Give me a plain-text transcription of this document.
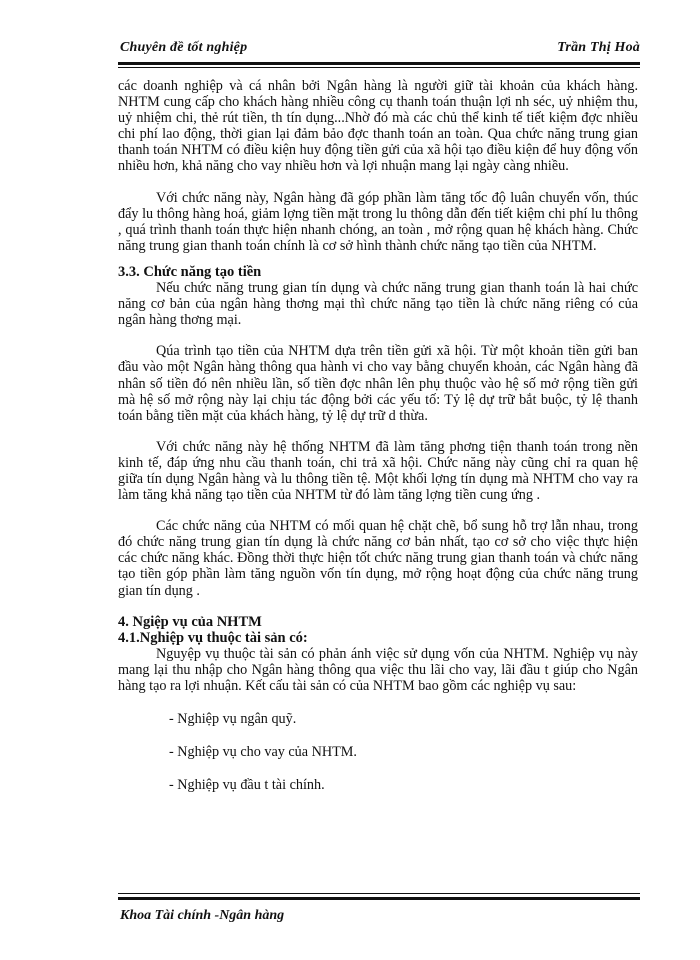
Chuyên đề tốt nghiệp	Trần Thị Hoà

các doanh nghiệp và cá nhân bởi Ngân hàng là người giữ tài khoản của khách hàng. NHTM cung cấp cho khách hàng nhiều công cụ thanh toán thuận lợi nh séc, uỷ nhiệm thu, uỷ nhiệm chi, thẻ rút tiền, th tín dụng...Nhờ đó mà các chủ thể kinh tế tiết kiệm đợc nhiều chi phí lao động, thời gian lại đảm bảo đợc thanh toán an toàn. Qua chức năng trung gian thanh toán NHTM có điều kiện huy động tiền gửi của xã hội tạo điều kiện để huy động vốn nhiều hơn, khả năng cho vay nhiều hơn và lợi nhuận mang lại ngày càng nhiều.

Với chức năng này, Ngân hàng đã góp phần làm tăng tốc độ luân chuyển vốn, thúc đẩy lu thông hàng hoá, giảm lợng tiền mặt trong lu thông dẫn đến tiết kiệm chi phí lu thông , quá trình thanh toán thực hiện nhanh chóng, an toàn , mở rộng quan hệ khách hàng. Chức năng trung gian thanh toán chính là cơ sở hình thành chức năng tạo tiền của NHTM.

3.3. Chức năng tạo tiền

Nếu chức năng trung gian tín dụng và chức năng trung gian thanh toán là hai chức năng cơ bản của ngân hàng thơng mại thì chức năng tạo tiền là chức năng riêng có của ngân hàng thơng mại.

Qúa trình tạo tiền của NHTM dựa trên tiền gửi xã hội. Từ một khoản tiền gửi ban đầu vào một Ngân hàng thông qua hành vi cho vay bằng chuyển khoản, các Ngân hàng đã nhân số tiền đó nên nhiều lần, số tiền đợc nhân lên phụ thuộc vào hệ số mở rộng tiền gửi mà hệ số mở rộng này lại chịu tác động bởi các yếu tố: Tỷ lệ dự trữ bắt buộc, tỷ lệ thanh toán bằng tiền mặt của khách hàng, tỷ lệ dự trữ d thừa.

Với chức năng này hệ thống NHTM đã làm tăng phơng tiện thanh toán trong nền kinh tế, đáp ứng nhu cầu thanh toán, chi trả xã hội. Chức năng này cũng chỉ ra quan hệ giữa tín dụng Ngân hàng và lu thông tiền tệ. Một khối lợng tín dụng mà NHTM cho vay ra làm tăng khả năng tạo tiền của NHTM từ đó làm tăng lợng tiền cung ứng .

Các chức năng của NHTM có mối quan hệ chặt chẽ, bổ sung hỗ trợ lẫn nhau, trong đó chức năng trung gian tín dụng là chức năng cơ bản nhất, tạo cơ sở cho việc thực hiện các chức năng khác. Đồng thời thực hiện tốt chức năng trung gian thanh toán và chức năng tạo tiền góp phần làm tăng nguồn vốn tín dụng, mở rộng hoạt động của chức năng trung gian tín dụng .

4. Ngiệp vụ của NHTM

4.1.Nghiệp vụ thuộc tài sản có:

Nguyệp vụ thuộc tài sản có phản ánh việc sử dụng vốn của NHTM. Nghiệp vụ này mang lại thu nhập cho Ngân hàng thông qua việc thu lãi cho vay, lãi đầu t giúp cho Ngân hàng tạo ra lợi nhuận. Kết cấu tài sản có của NHTM bao gồm các nghiệp vụ sau:

- Nghiệp vụ ngân quỹ.

- Nghiệp vụ cho vay của NHTM.

- Nghiệp vụ đầu t tài chính.

Khoa Tài chính -Ngân hàng
